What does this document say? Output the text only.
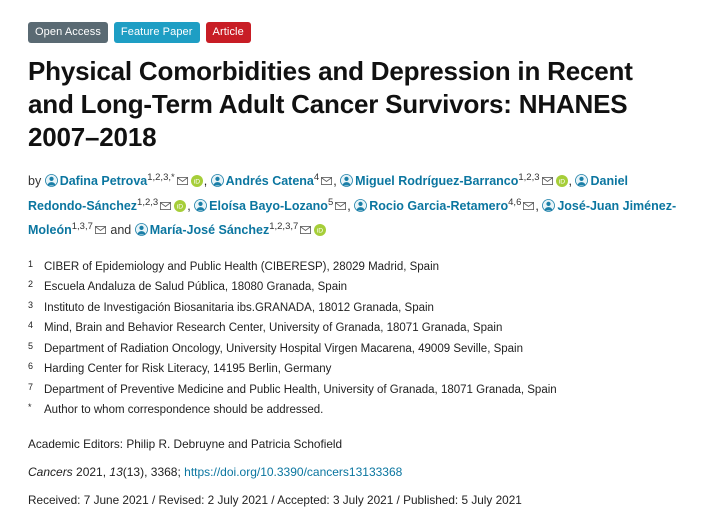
Open Access	Feature Paper	Article
Physical Comorbidities and Depression in Recent and Long-Term Adult Cancer Survivors: NHANES 2007–2018
by Dafina Petrova$^{1,2,3,*}$ iD , Andrés Catena$^4$ , Miguel Rodríguez-Barranco$^{1,2,3}$ iD , Daniel Redondo-Sánchez$^{1,2,3}$ iD , Eloísa Bayo-Lozano$^5$ , Rocio Garcia-Retamero$^{4,6}$ , José-Juan Jiménez-Moleón$^{1,3,7}$ and María-José Sánchez$^{1,2,3,7}$ iD
1 CIBER of Epidemiology and Public Health (CIBERESP), 28029 Madrid, Spain
2 Escuela Andaluza de Salud Pública, 18080 Granada, Spain
3 Instituto de Investigación Biosanitaria ibs.GRANADA, 18012 Granada, Spain
4 Mind, Brain and Behavior Research Center, University of Granada, 18071 Granada, Spain
5 Department of Radiation Oncology, University Hospital Virgen Macarena, 49009 Seville, Spain
6 Harding Center for Risk Literacy, 14195 Berlin, Germany
7 Department of Preventive Medicine and Public Health, University of Granada, 18071 Granada, Spain
*	Author to whom correspondence should be addressed.
Academic Editors: Philip R. Debruyne and Patricia Schofield
Cancers 2021, 13(13), 3368; https://doi.org/10.3390/cancers13133368
Received: 7 June 2021 / Revised: 2 July 2021 / Accepted: 3 July 2021 / Published: 5 July 2021
